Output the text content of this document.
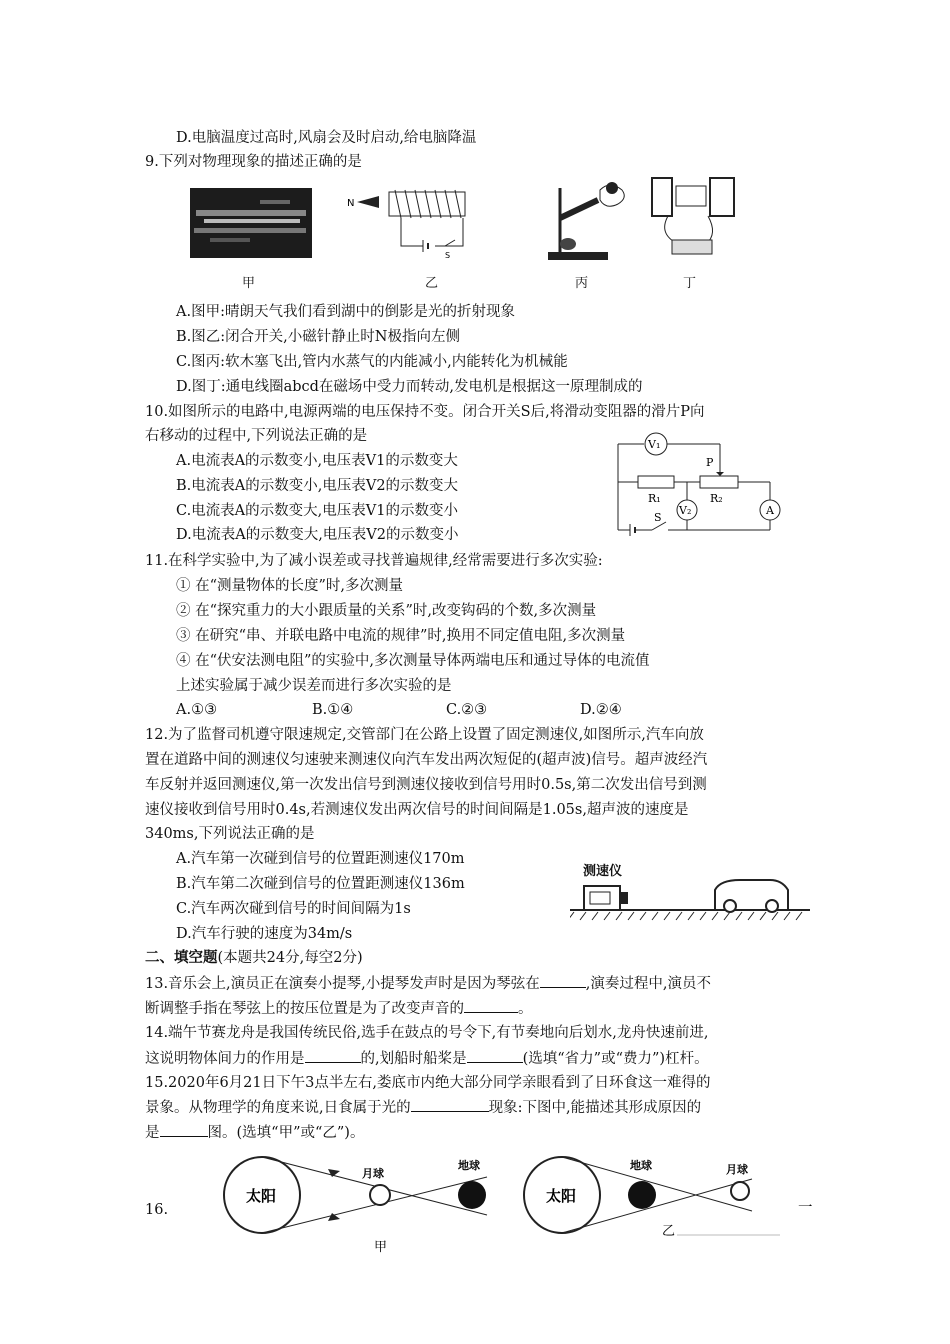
D.电脑温度过高时,风扇会及时启动,给电脑降温
9.下列对物理现象的描述正确的是
甲
N
S
乙	丙	丁
A.图甲:晴朗天气我们看到湖中的倒影是光的折射现象
B.图乙:闭合开关,小磁针静止时N极指向左侧
C.图丙:软木塞飞出,管内水蒸气的内能减小,内能转化为机械能
D.图丁:通电线圈abcd在磁场中受力而转动,发电机是根据这一原理制成的
10.如图所示的电路中,电源两端的电压保持不变。闭合开关S后,将滑动变阻器的滑片P向
右移动的过程中,下列说法正确的是
A.电流表A的示数变小,电压表V1的示数变大
B.电流表A的示数变小,电压表V2的示数变大
C.电流表A的示数变大,电压表V1的示数变小
D.电流表A的示数变大,电压表V2的示数变小
V₁
R₁	R₂
P
A
V₂
S
11.在科学实验中,为了减小误差或寻找普遍规律,经常需要进行多次实验:
① 在“测量物体的长度”时,多次测量
② 在“探究重力的大小跟质量的关系”时,改变钩码的个数,多次测量
③ 在研究“串、并联电路中电流的规律”时,换用不同定值电阻,多次测量
④ 在“伏安法测电阻”的实验中,多次测量导体两端电压和通过导体的电流值
上述实验属于减少误差而进行多次实验的是
A.①③	B.①④	C.②③	D.②④
12.为了监督司机遵守限速规定,交管部门在公路上设置了固定测速仪,如图所示,汽车向放
置在道路中间的测速仪匀速驶来测速仪向汽车发出两次短促的(超声波)信号。超声波经汽
车反射并返回测速仪,第一次发出信号到测速仪接收到信号用时0.5s,第二次发出信号到测
速仪接收到信号用时0.4s,若测速仪发出两次信号的时间间隔是1.05s,超声波的速度是
340ms,下列说法正确的是
A.汽车第一次碰到信号的位置距测速仪170m
B.汽车第二次碰到信号的位置距测速仪136m
C.汽车两次碰到信号的时间间隔为1s
D.汽车行驶的速度为34m/s
测速仪
二、填空题(本题共24分,每空2分)
13.音乐会上,演员正在演奏小提琴,小提琴发声时是因为琴弦在	,演奏过程中,演员不
断调整手指在琴弦上的按压位置是为了改变声音的	。
14.端午节赛龙舟是我国传统民俗,选手在鼓点的号令下,有节奏地向后划水,龙舟快速前进,
这说明物体间力的作用是	的,划船时船桨是	(选填“省力”或“费力”)杠杆。
15.2020年6月21日下午3点半左右,娄底市内绝大部分同学亲眼看到了日环食这一难得的
景象。从物理学的角度来说,日食属于光的	现象:下图中,能描述其形成原因的
是	图。(选填“甲”或“乙”)。
16.	一
太阳
月球
地球
甲
太阳
地球	月球
乙
